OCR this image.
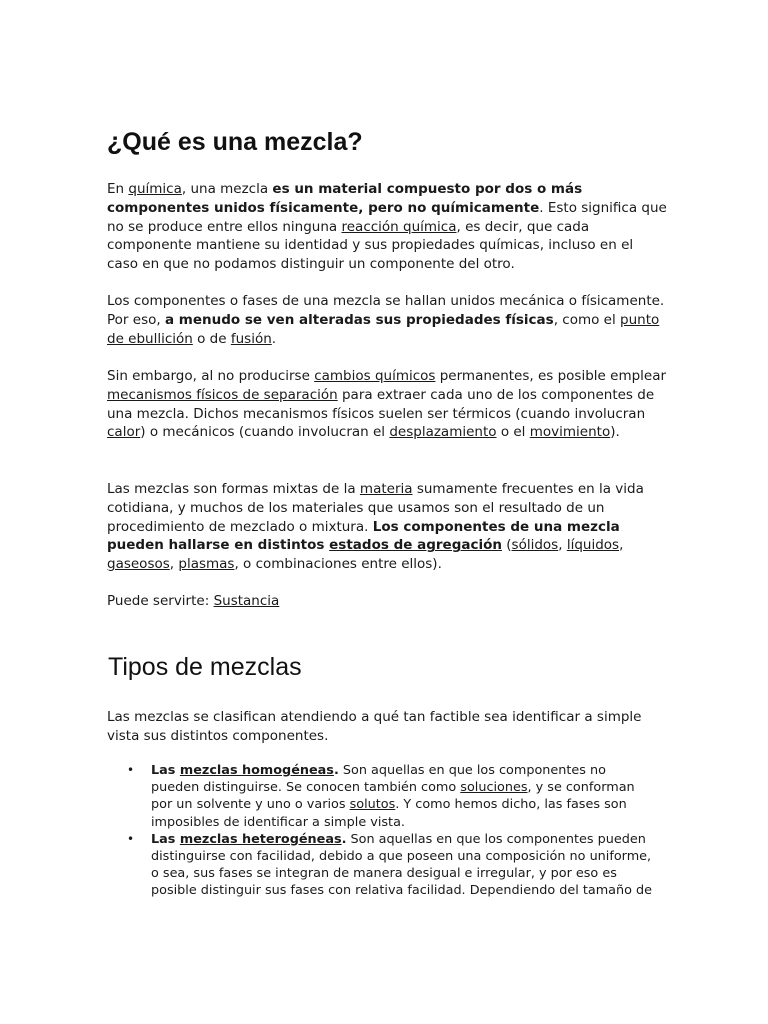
¿Qué es una mezcla?

En química, una mezcla es un material compuesto por dos o más componentes unidos físicamente, pero no químicamente. Esto significa que no se produce entre ellos ninguna reacción química, es decir, que cada componente mantiene su identidad y sus propiedades químicas, incluso en el caso en que no podamos distinguir un componente del otro.

Los componentes o fases de una mezcla se hallan unidos mecánica o físicamente. Por eso, a menudo se ven alteradas sus propiedades físicas, como el punto de ebullición o de fusión.

Sin embargo, al no producirse cambios químicos permanentes, es posible emplear mecanismos físicos de separación para extraer cada uno de los componentes de una mezcla. Dichos mecanismos físicos suelen ser térmicos (cuando involucran calor) o mecánicos (cuando involucran el desplazamiento o el movimiento).

Las mezclas son formas mixtas de la materia sumamente frecuentes en la vida cotidiana, y muchos de los materiales que usamos son el resultado de un procedimiento de mezclado o mixtura. Los componentes de una mezcla pueden hallarse en distintos estados de agregación (sólidos, líquidos, gaseosos, plasmas, o combinaciones entre ellos).

Puede servirte: Sustancia

Tipos de mezclas

Las mezclas se clasifican atendiendo a qué tan factible sea identificar a simple vista sus distintos componentes.

• Las mezclas homogéneas. Son aquellas en que los componentes no pueden distinguirse. Se conocen también como soluciones, y se conforman por un solvente y uno o varios solutos. Y como hemos dicho, las fases son imposibles de identificar a simple vista.
• Las mezclas heterogéneas. Son aquellas en que los componentes pueden distinguirse con facilidad, debido a que poseen una composición no uniforme, o sea, sus fases se integran de manera desigual e irregular, y por eso es posible distinguir sus fases con relativa facilidad. Dependiendo del tamaño de
